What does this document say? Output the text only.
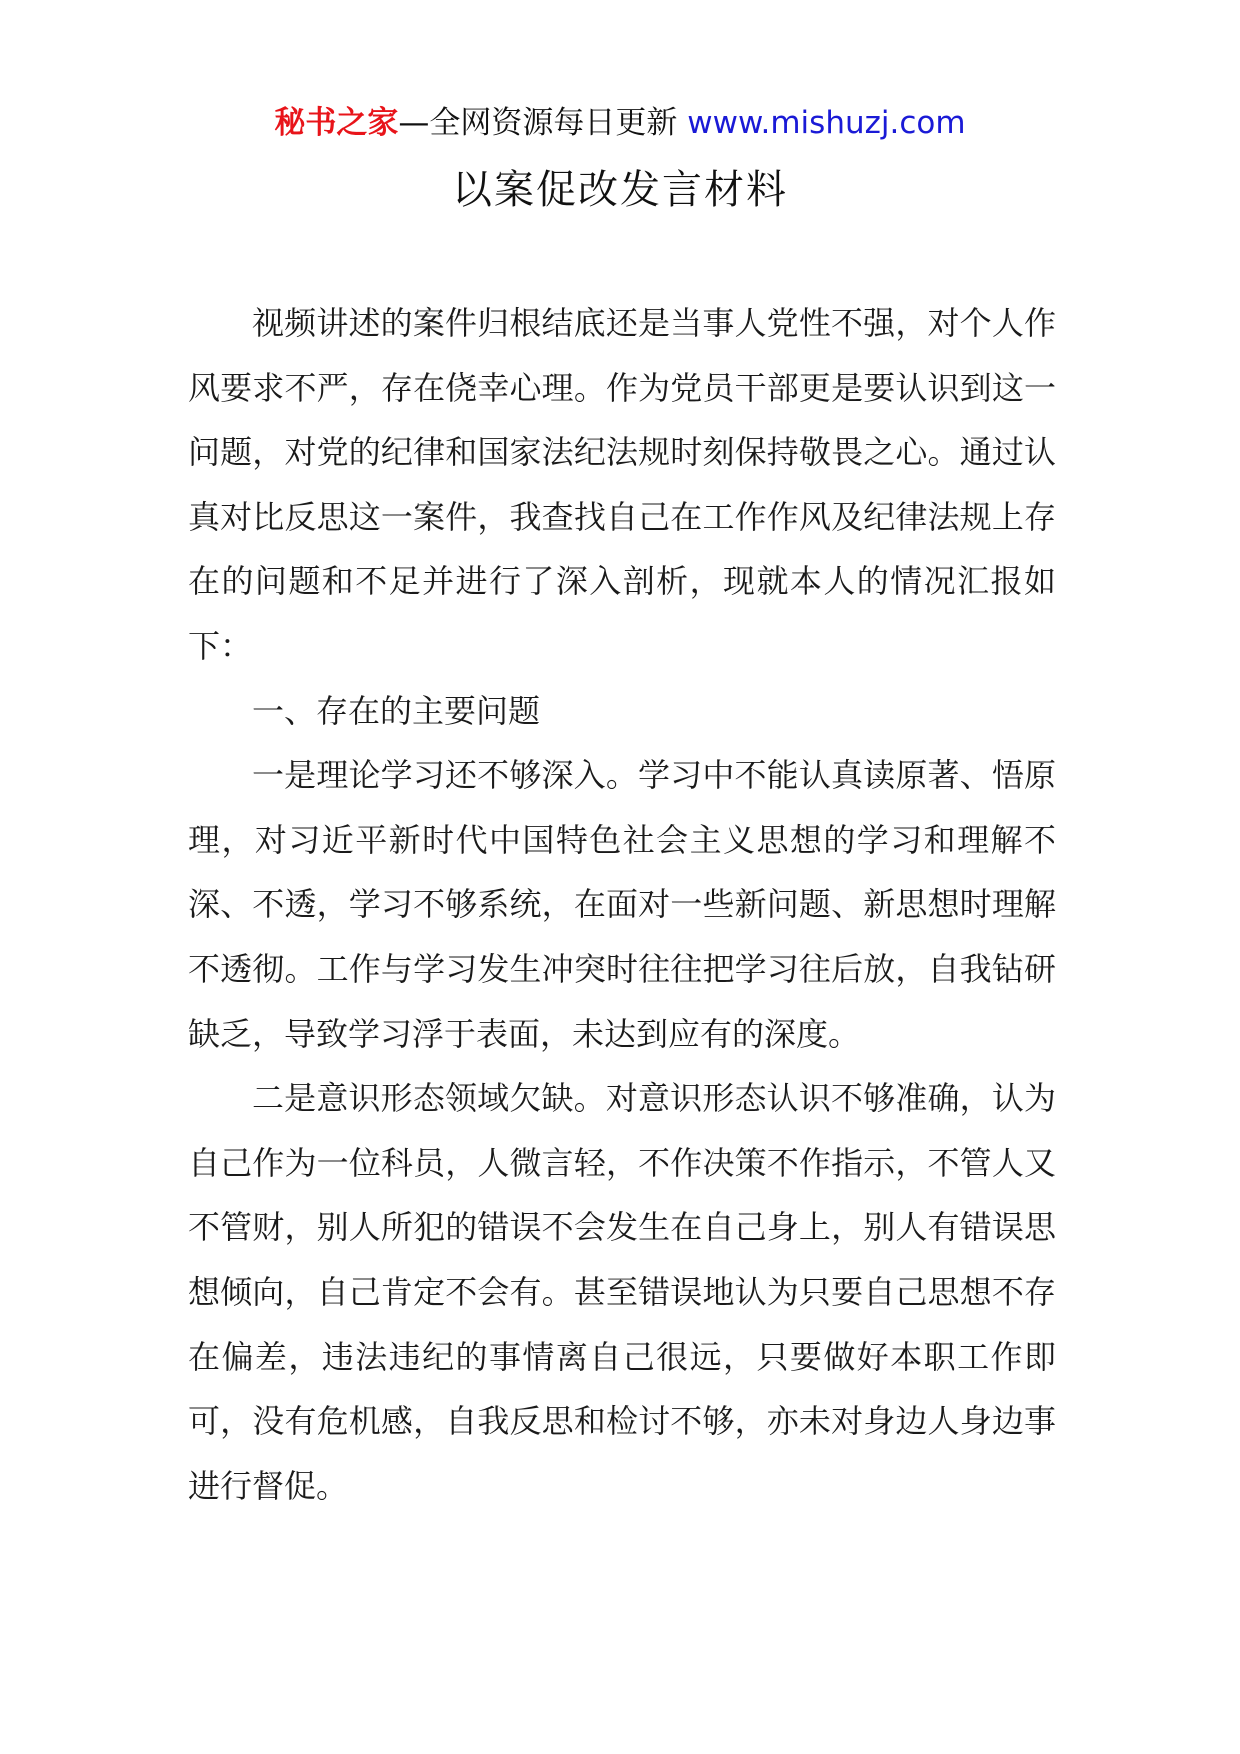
秘书之家—全网资源每日更新 www.mishuzj.com
以案促改发言材料

视频讲述的案件归根结底还是当事人党性不强，对个人作风要求不严，存在侥幸心理。作为党员干部更是要认识到这一问题，对党的纪律和国家法纪法规时刻保持敬畏之心。通过认真对比反思这一案件，我查找自己在工作作风及纪律法规上存在的问题和不足并进行了深入剖析，现就本人的情况汇报如下：

一、存在的主要问题

一是理论学习还不够深入。学习中不能认真读原著、悟原理，对习近平新时代中国特色社会主义思想的学习和理解不深、不透，学习不够系统，在面对一些新问题、新思想时理解不透彻。工作与学习发生冲突时往往把学习往后放，自我钻研缺乏，导致学习浮于表面，未达到应有的深度。

二是意识形态领域欠缺。对意识形态认识不够准确，认为自己作为一位科员，人微言轻，不作决策不作指示，不管人又不管财，别人所犯的错误不会发生在自己身上，别人有错误思想倾向，自己肯定不会有。甚至错误地认为只要自己思想不存在偏差，违法违纪的事情离自己很远，只要做好本职工作即可，没有危机感，自我反思和检讨不够，亦未对身边人身边事进行督促。
